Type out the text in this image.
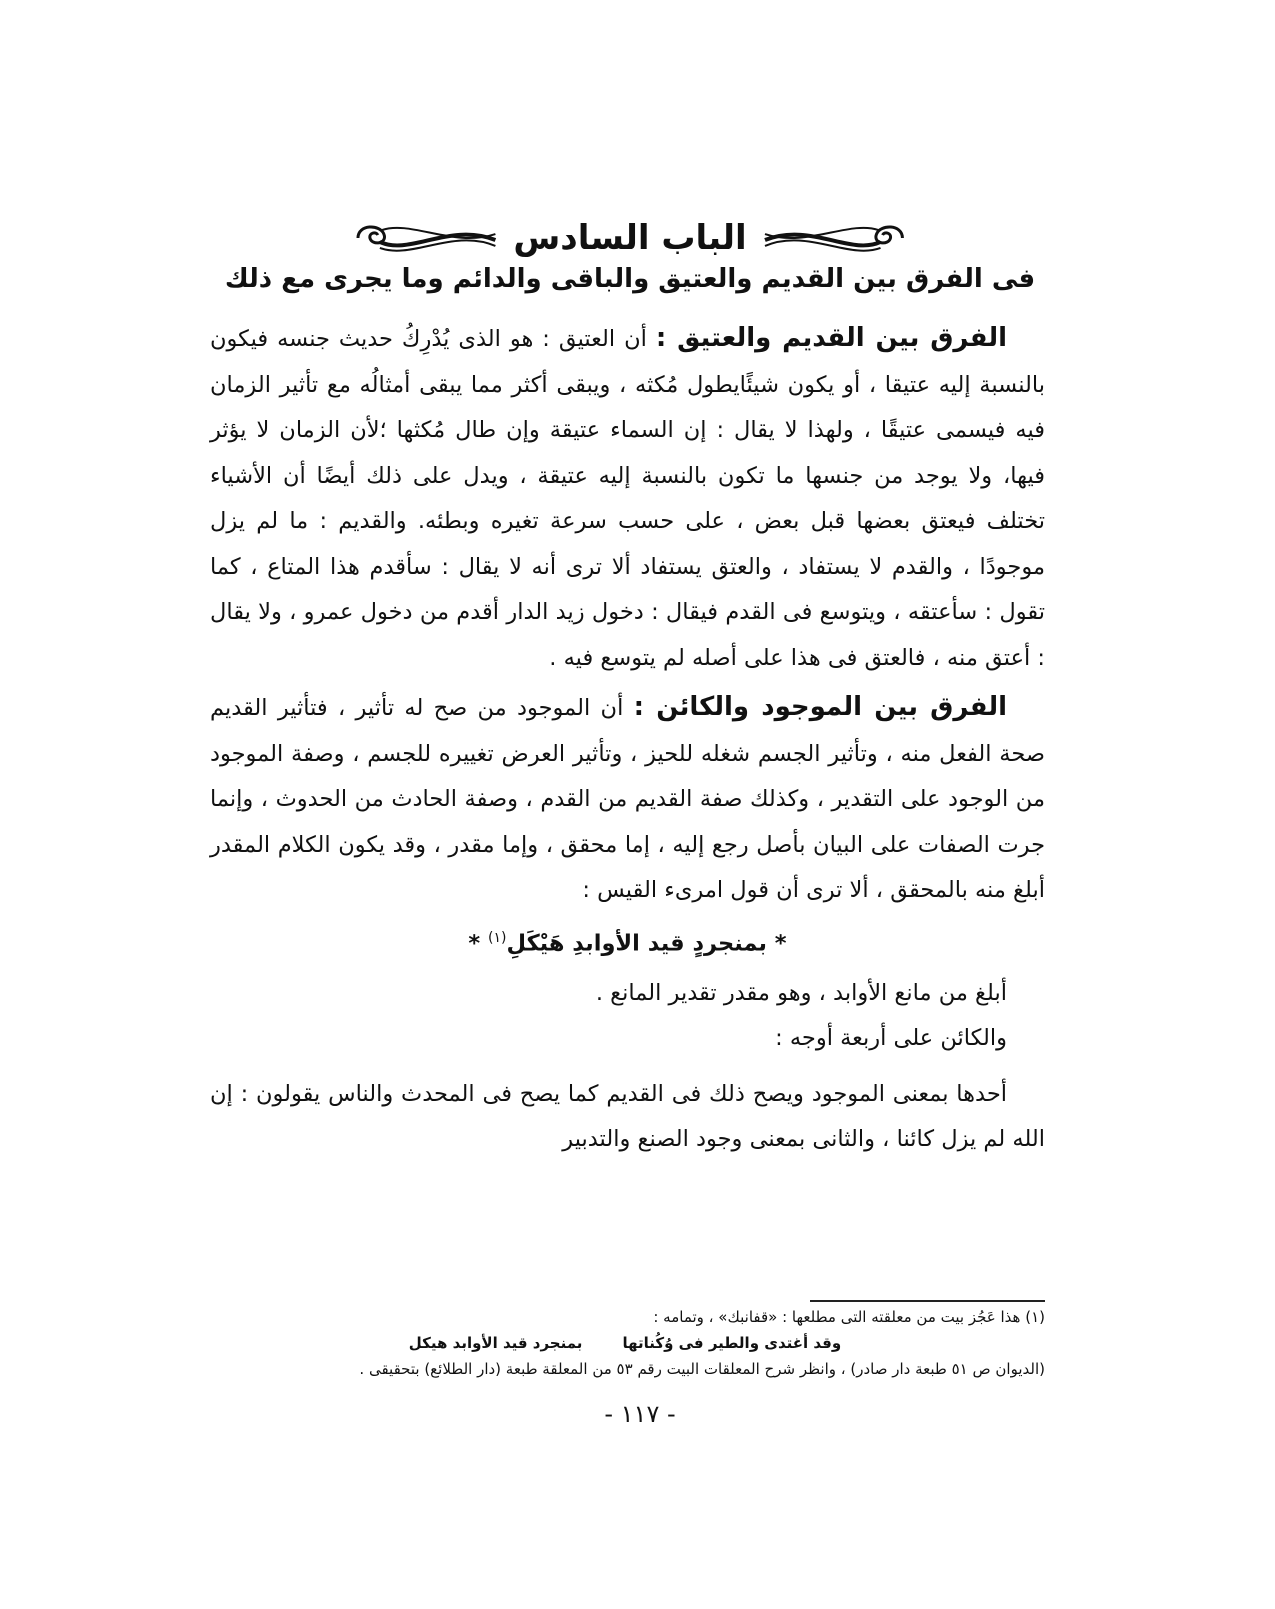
الباب السادس
فى الفرق بين القديم والعتيق والباقى والدائم وما يجرى مع ذلك

الفرق بين القديم والعتيق : أن العتيق : هو الذى يُدْرِكُ حديث جنسه فيكون بالنسبة إليه عتيقا ، أو يكون شيئًايطول مُكثه ، ويبقى أكثر مما يبقى أمثالُه مع تأثير الزمان فيه فيسمى عتيقًا ، ولهذا لا يقال : إن السماء عتيقة وإن طال مُكثها ؛لأن الزمان لا يؤثر فيها، ولا يوجد من جنسها ما تكون بالنسبة إليه عتيقة ، ويدل على ذلك أيضًا أن الأشياء تختلف فيعتق بعضها قبل بعض ، على حسب سرعة تغيره وبطئه. والقديم : ما لم يزل موجودًا ، والقدم لا يستفاد ، والعتق يستفاد ألا ترى أنه لا يقال : سأقدم هذا المتاع ، كما تقول : سأعتقه ، ويتوسع فى القدم فيقال : دخول زيد الدار أقدم من دخول عمرو ، ولا يقال : أعتق منه ، فالعتق فى هذا على أصله لم يتوسع فيه .

الفرق بين الموجود والكائن : أن الموجود من صح له تأثير ، فتأثير القديم صحة الفعل منه ، وتأثير الجسم شغله للحيز ، وتأثير العرض تغييره للجسم ، وصفة الموجود من الوجود على التقدير ، وكذلك صفة القديم من القدم ، وصفة الحادث من الحدوث ، وإنما جرت الصفات على البيان بأصل رجع إليه ، إما محقق ، وإما مقدر ، وقد يكون الكلام المقدر أبلغ منه بالمحقق ، ألا ترى أن قول امرىء القيس :

* بمنجردٍ قيد الأوابدِ هَيْكَلِ$^{(١)}$ *

أبلغ من مانع الأوابد ، وهو مقدر تقدير المانع .

والكائن على أربعة أوجه :

أحدها بمعنى الموجود ويصح ذلك فى القديم كما يصح فى المحدث والناس يقولون : إن الله لم يزل كائنا ، والثانى بمعنى وجود الصنع والتدبير

(١) هذا عَجُز بيت من معلقته التى مطلعها : «قفانبك» ، وتمامه :

وقد أغتدى والطير فى وُكُناتها
بمنجرد قيد الأوابد هيكل

(الديوان ص ٥١ طبعة دار صادر) ، وانظر شرح المعلقات البيت رقم ٥٣ من المعلقة طبعة (دار الطلائع) بتحقيقى .

- ١١٧ -
